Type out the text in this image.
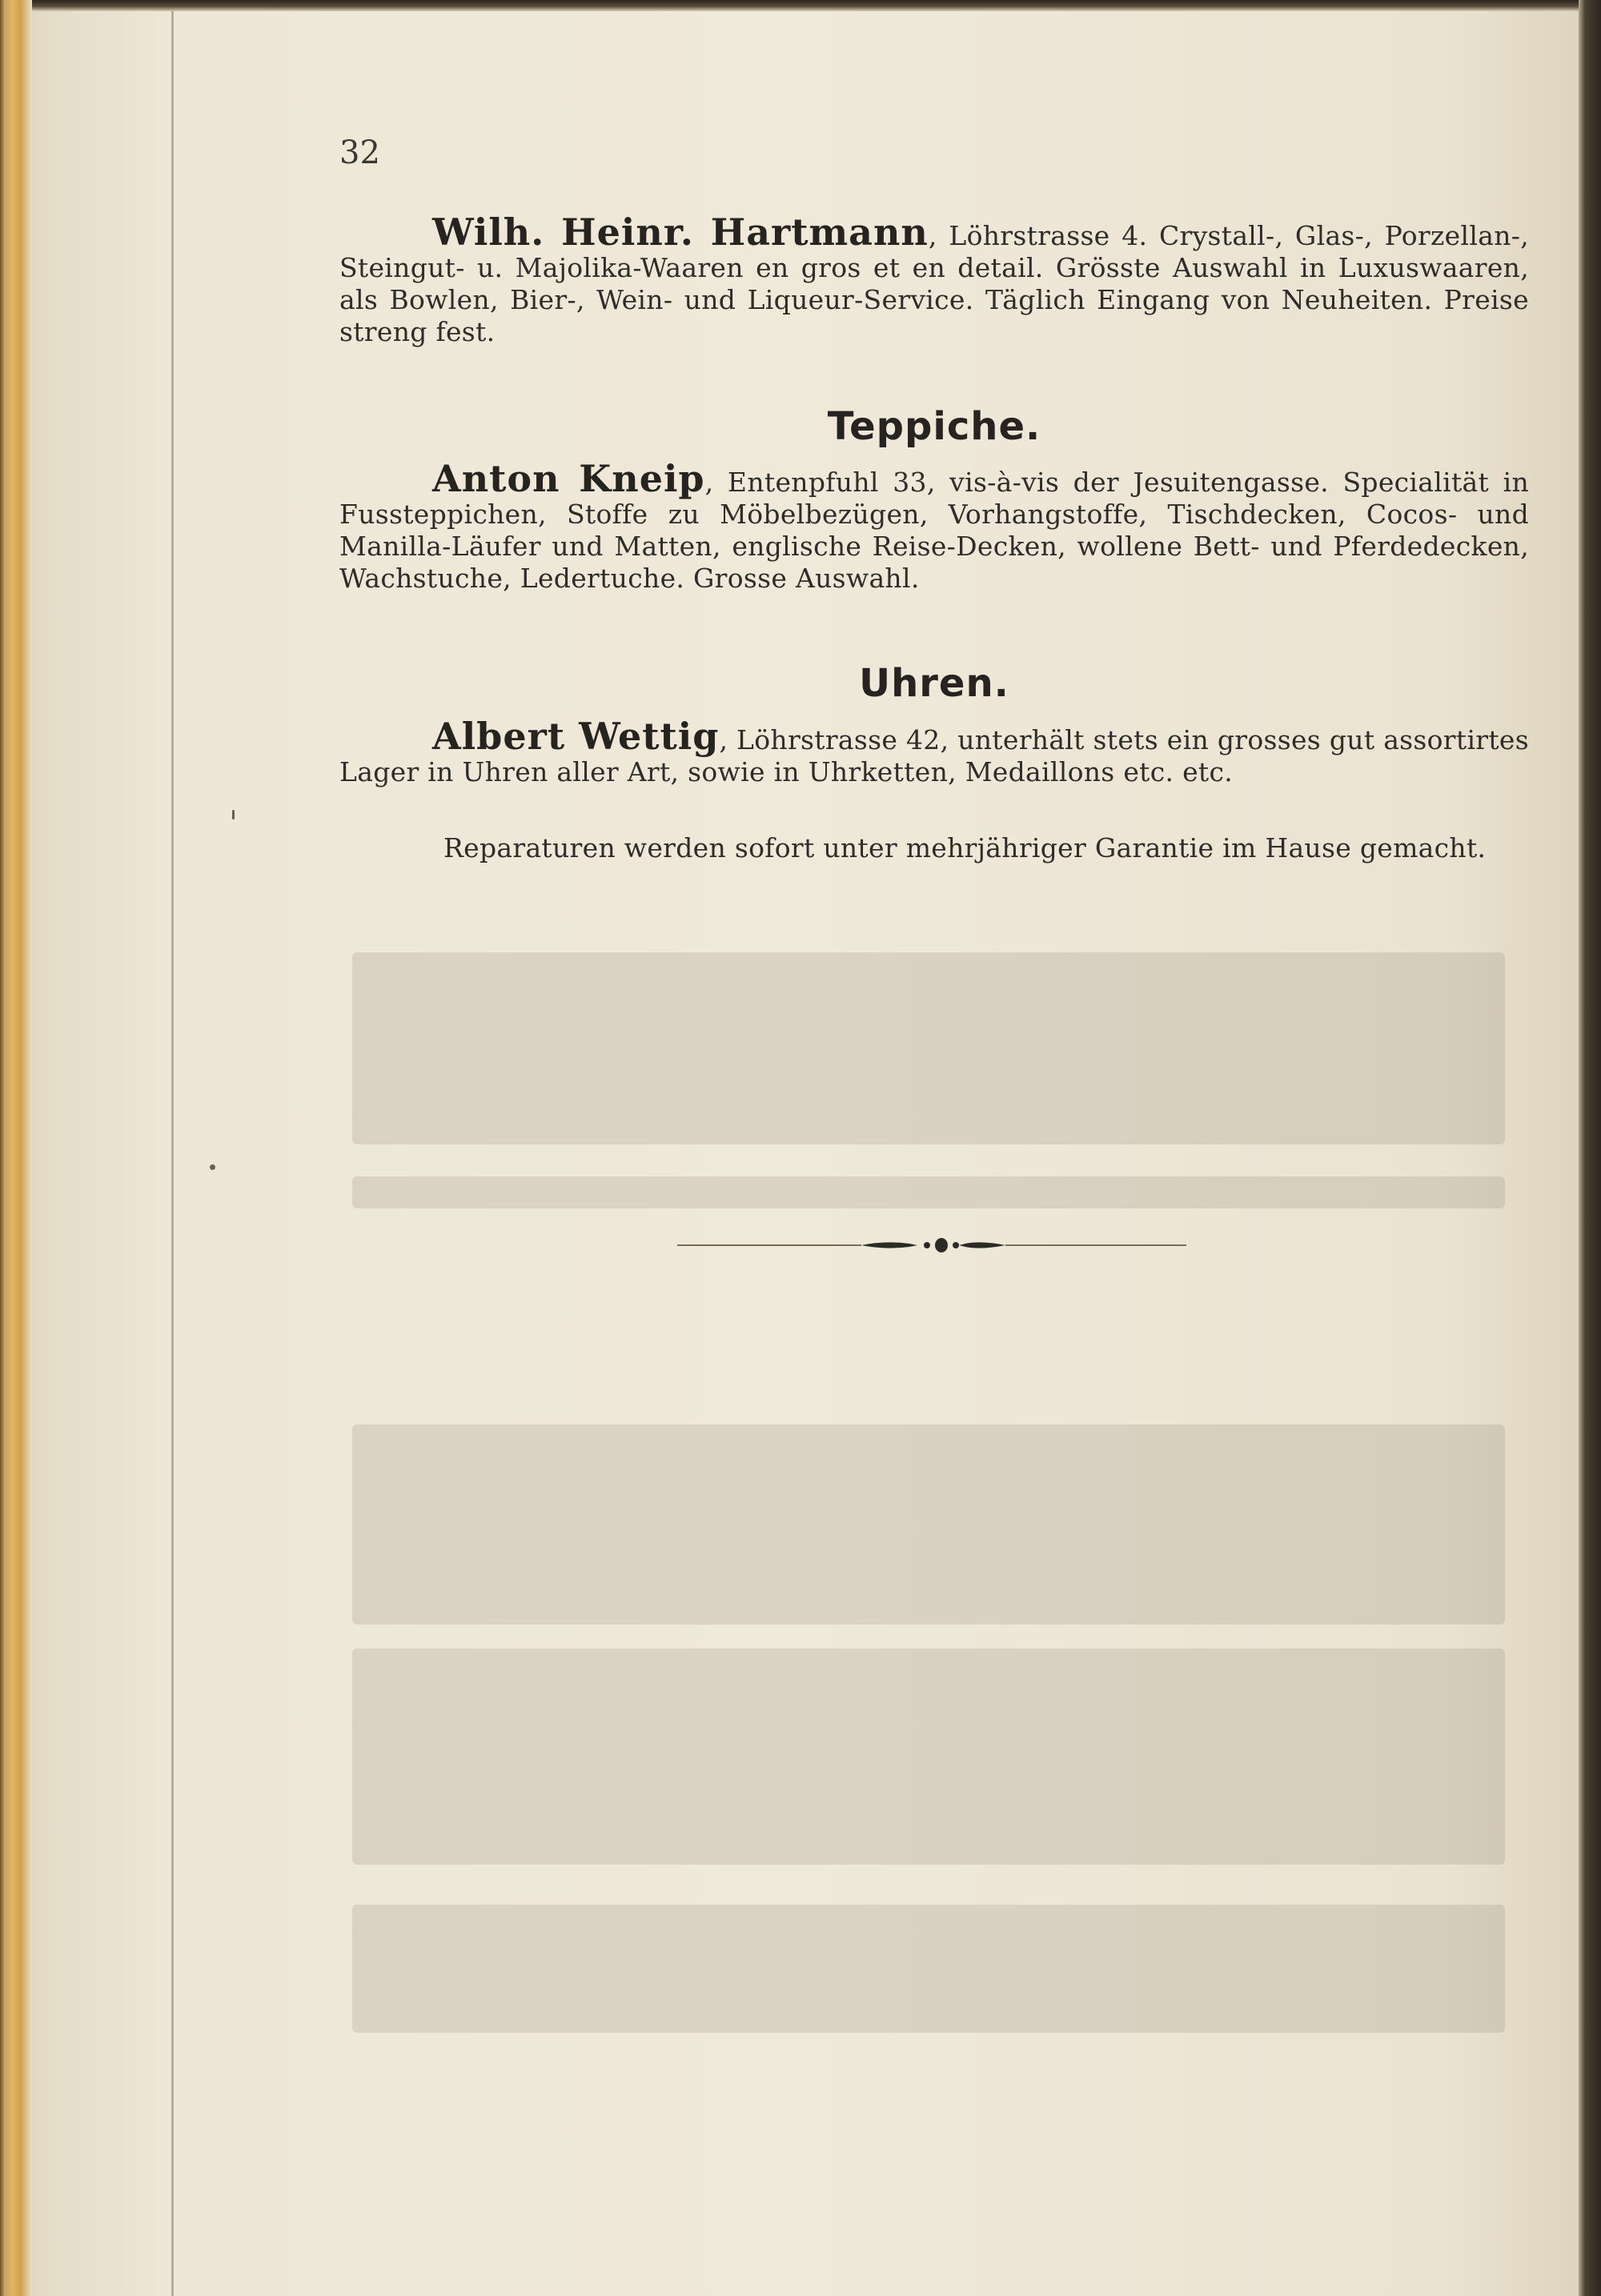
32
Wilh. Heinr. Hartmann, Löhrstrasse 4. Crystall-, Glas-, Porzellan-, Steingut- u. Majolika-Waaren en gros et en detail. Grösste Auswahl in Luxuswaaren, als Bowlen, Bier-, Wein- und Liqueur-Service. Täglich Eingang von Neuheiten. Preise streng fest.
Teppiche.
Anton Kneip, Entenpfuhl 33, vis-à-vis der Jesuitengasse. Specialität in Fussteppichen, Stoffe zu Möbelbezügen, Vorhangstoffe, Tischdecken, Cocos- und Manilla-Läufer und Matten, englische Reise-Decken, wollene Bett- und Pferdedecken, Wachstuche, Ledertuche. Grosse Auswahl.
Uhren.
Albert Wettig, Löhrstrasse 42, unterhält stets ein grosses gut assortirtes Lager in Uhren aller Art, sowie in Uhrketten, Medaillons etc. etc.
Reparaturen werden sofort unter mehrjähriger Garantie im Hause gemacht.
